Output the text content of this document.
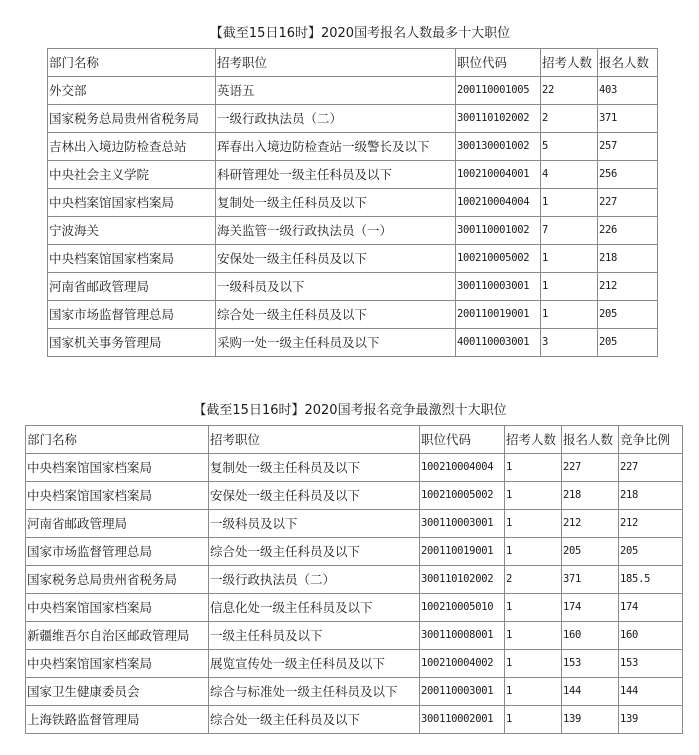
【截至15日16时】2020国考报名人数最多十大职位
部门名称	招考职位	职位代码	招考人数	报名人数
外交部	英语五	200110001005	22	403
国家税务总局贵州省税务局	一级行政执法员（二）	300110102002	2	371
吉林出入境边防检查总站	珲春出入境边防检查站一级警长及以下	300130001002	5	257
中央社会主义学院	科研管理处一级主任科员及以下	100210004001	4	256
中央档案馆国家档案局	复制处一级主任科员及以下	100210004004	1	227
宁波海关	海关监管一级行政执法员（一）	300110001002	7	226
中央档案馆国家档案局	安保处一级主任科员及以下	100210005002	1	218
河南省邮政管理局	一级科员及以下	300110003001	1	212
国家市场监督管理总局	综合处一级主任科员及以下	200110019001	1	205
国家机关事务管理局	采购一处一级主任科员及以下	400110003001	3	205
【截至15日16时】2020国考报名竞争最激烈十大职位
部门名称	招考职位	职位代码	招考人数	报名人数	竞争比例
中央档案馆国家档案局	复制处一级主任科员及以下	100210004004	1	227	227
中央档案馆国家档案局	安保处一级主任科员及以下	100210005002	1	218	218
河南省邮政管理局	一级科员及以下	300110003001	1	212	212
国家市场监督管理总局	综合处一级主任科员及以下	200110019001	1	205	205
国家税务总局贵州省税务局	一级行政执法员（二）	300110102002	2	371	185.5
中央档案馆国家档案局	信息化处一级主任科员及以下	100210005010	1	174	174
新疆维吾尔自治区邮政管理局	一级主任科员及以下	300110008001	1	160	160
中央档案馆国家档案局	展览宣传处一级主任科员及以下	100210004002	1	153	153
国家卫生健康委员会	综合与标准处一级主任科员及以下	200110003001	1	144	144
上海铁路监督管理局	综合处一级主任科员及以下	300110002001	1	139	139
